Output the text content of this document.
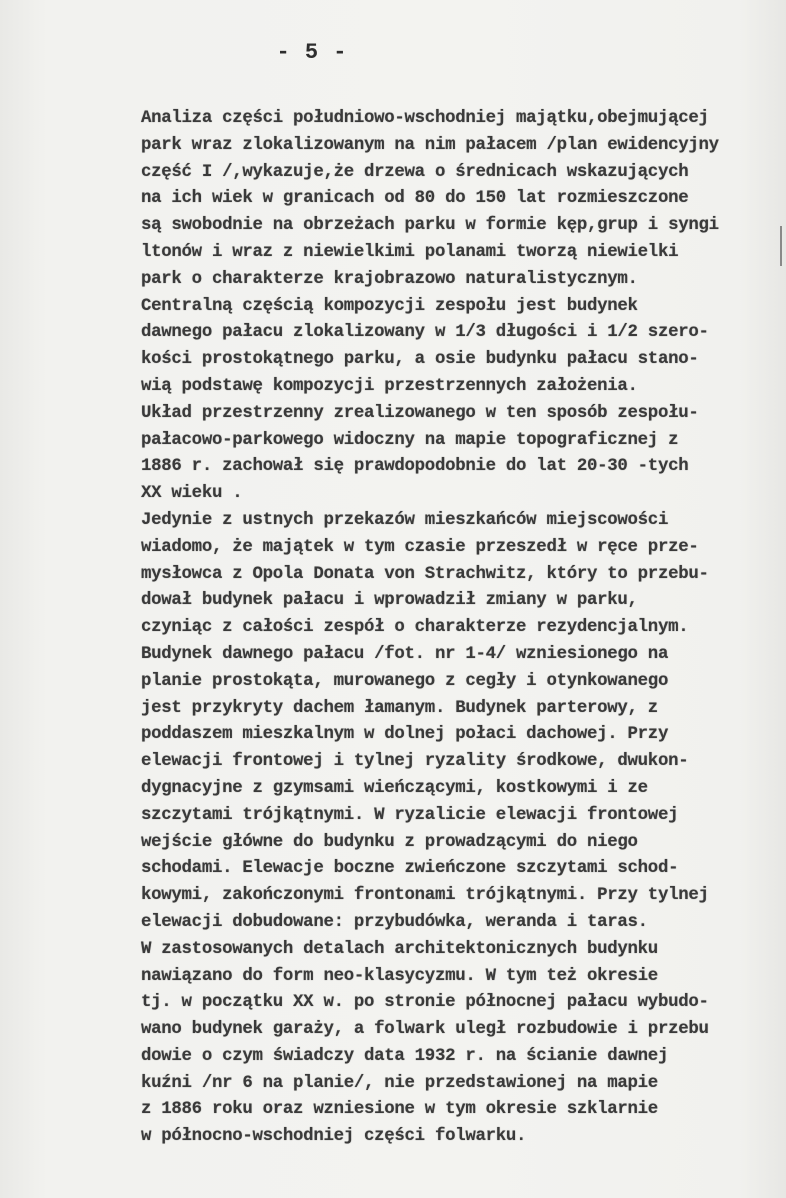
- 5 -
Analiza części południowo-wschodniej majątku,obejmującej
park wraz zlokalizowanym na nim pałacem /plan ewidencyjny
część I /,wykazuje,że drzewa o średnicach wskazujących
na ich wiek w granicach od 80 do 150 lat rozmieszczone
są swobodnie na obrzeżach parku w formie kęp,grup i syngi
ltonów i wraz z niewielkimi polanami tworzą niewielki
park o charakterze krajobrazowo naturalistycznym.
Centralną częścią kompozycji zespołu jest budynek
dawnego pałacu zlokalizowany w 1/3 długości i 1/2 szero-
kości prostokątnego parku, a osie budynku pałacu stano-
wią podstawę kompozycji przestrzennych założenia.
Układ przestrzenny zrealizowanego w ten sposób zespołu-
pałacowo-parkowego widoczny na mapie topograficznej z
1886 r. zachował się prawdopodobnie do lat 20-30 -tych
XX wieku .
Jedynie z ustnych przekazów mieszkańców miejscowości
wiadomo, że majątek w tym czasie przeszedł w ręce prze-
mysłowca z Opola Donata von Strachwitz, który to przebu-
dował budynek pałacu i wprowadził zmiany w parku,
czyniąc z całości zespół o charakterze rezydencjalnym.
Budynek dawnego pałacu /fot. nr 1-4/ wzniesionego na
planie prostokąta, murowanego z cegły i otynkowanego
jest przykryty dachem łamanym. Budynek parterowy, z
poddaszem mieszkalnym w dolnej połaci dachowej. Przy
elewacji frontowej i tylnej ryzality środkowe, dwukon-
dygnacyjne z gzymsami wieńczącymi, kostkowymi i ze
szczytami trójkątnymi. W ryzalicie elewacji frontowej
wejście główne do budynku z prowadzącymi do niego
schodami. Elewacje boczne zwieńczone szczytami schod-
kowymi, zakończonymi frontonami trójkątnymi. Przy tylnej
elewacji dobudowane: przybudówka, weranda i taras.
W zastosowanych detalach architektonicznych budynku
nawiązano do form neo-klasycyzmu. W tym też okresie
tj. w początku XX w. po stronie północnej pałacu wybudo-
wano budynek garaży, a folwark uległ rozbudowie i przebu
dowie o czym świadczy data 1932 r. na ścianie dawnej
kuźni /nr 6 na planie/, nie przedstawionej na mapie
z 1886 roku oraz wzniesione w tym okresie szklarnie
w północno-wschodniej części folwarku.
